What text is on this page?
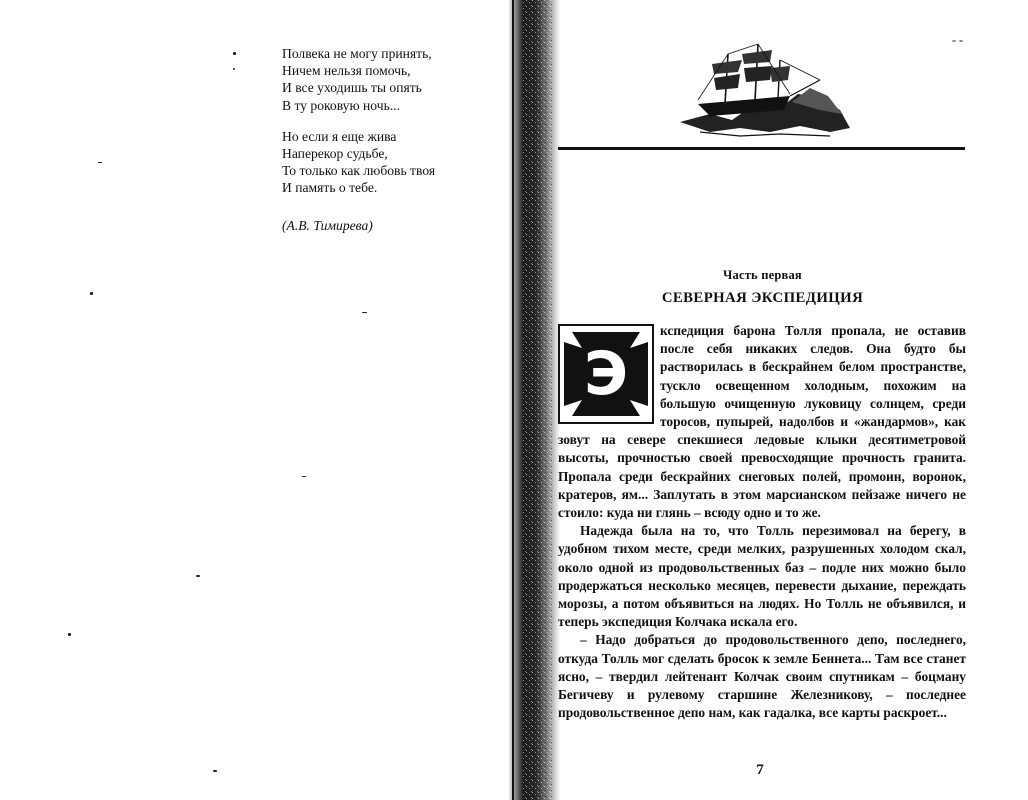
Полвека не могу принять,
Ничем нельзя помочь,
И все уходишь ты опять
В ту роковую ночь...
Но если я еще жива
Наперекор судьбе,
То только как любовь твоя
И память о тебе.
(А.В. Тимирева)
- -
Часть первая
СЕВЕРНАЯ ЭКСПЕДИЦИЯ
Э

кспедиция барона Толля пропала, не оставив после себя никаких следов. Она будто бы растворилась в бескрайнем белом пространстве, тускло освещенном холодным, похожим на большую очищенную луковицу солнцем, среди торосов, пупырей, надолбов и «жандармов», как зовут на севере спекшиеся ледовые клыки десятиметровой высоты, прочностью своей превосходящие прочность гранита. Пропала среди бескрайних снеговых полей, промоин, воронок, кратеров, ям... Заплутать в этом марсианском пейзаже ничего не стоило: куда ни глянь – всюду одно и то же.

Надежда была на то, что Толль перезимовал на берегу, в удобном тихом месте, среди мелких, разрушенных холодом скал, около одной из продовольственных баз – подле них можно было продержаться несколько месяцев, перевести дыхание, переждать морозы, а потом объявиться на людях. Но Толль не объявился, и теперь экспедиция Колчака искала его.

– Надо добраться до продовольственного депо, последнего, откуда Толль мог сделать бросок к земле Беннета... Там все станет ясно, – твердил лейтенант Колчак своим спутникам – боцману Бегичеву и рулевому старшине Железникову, – последнее продовольственное депо нам, как гадалка, все карты раскроет...

7
